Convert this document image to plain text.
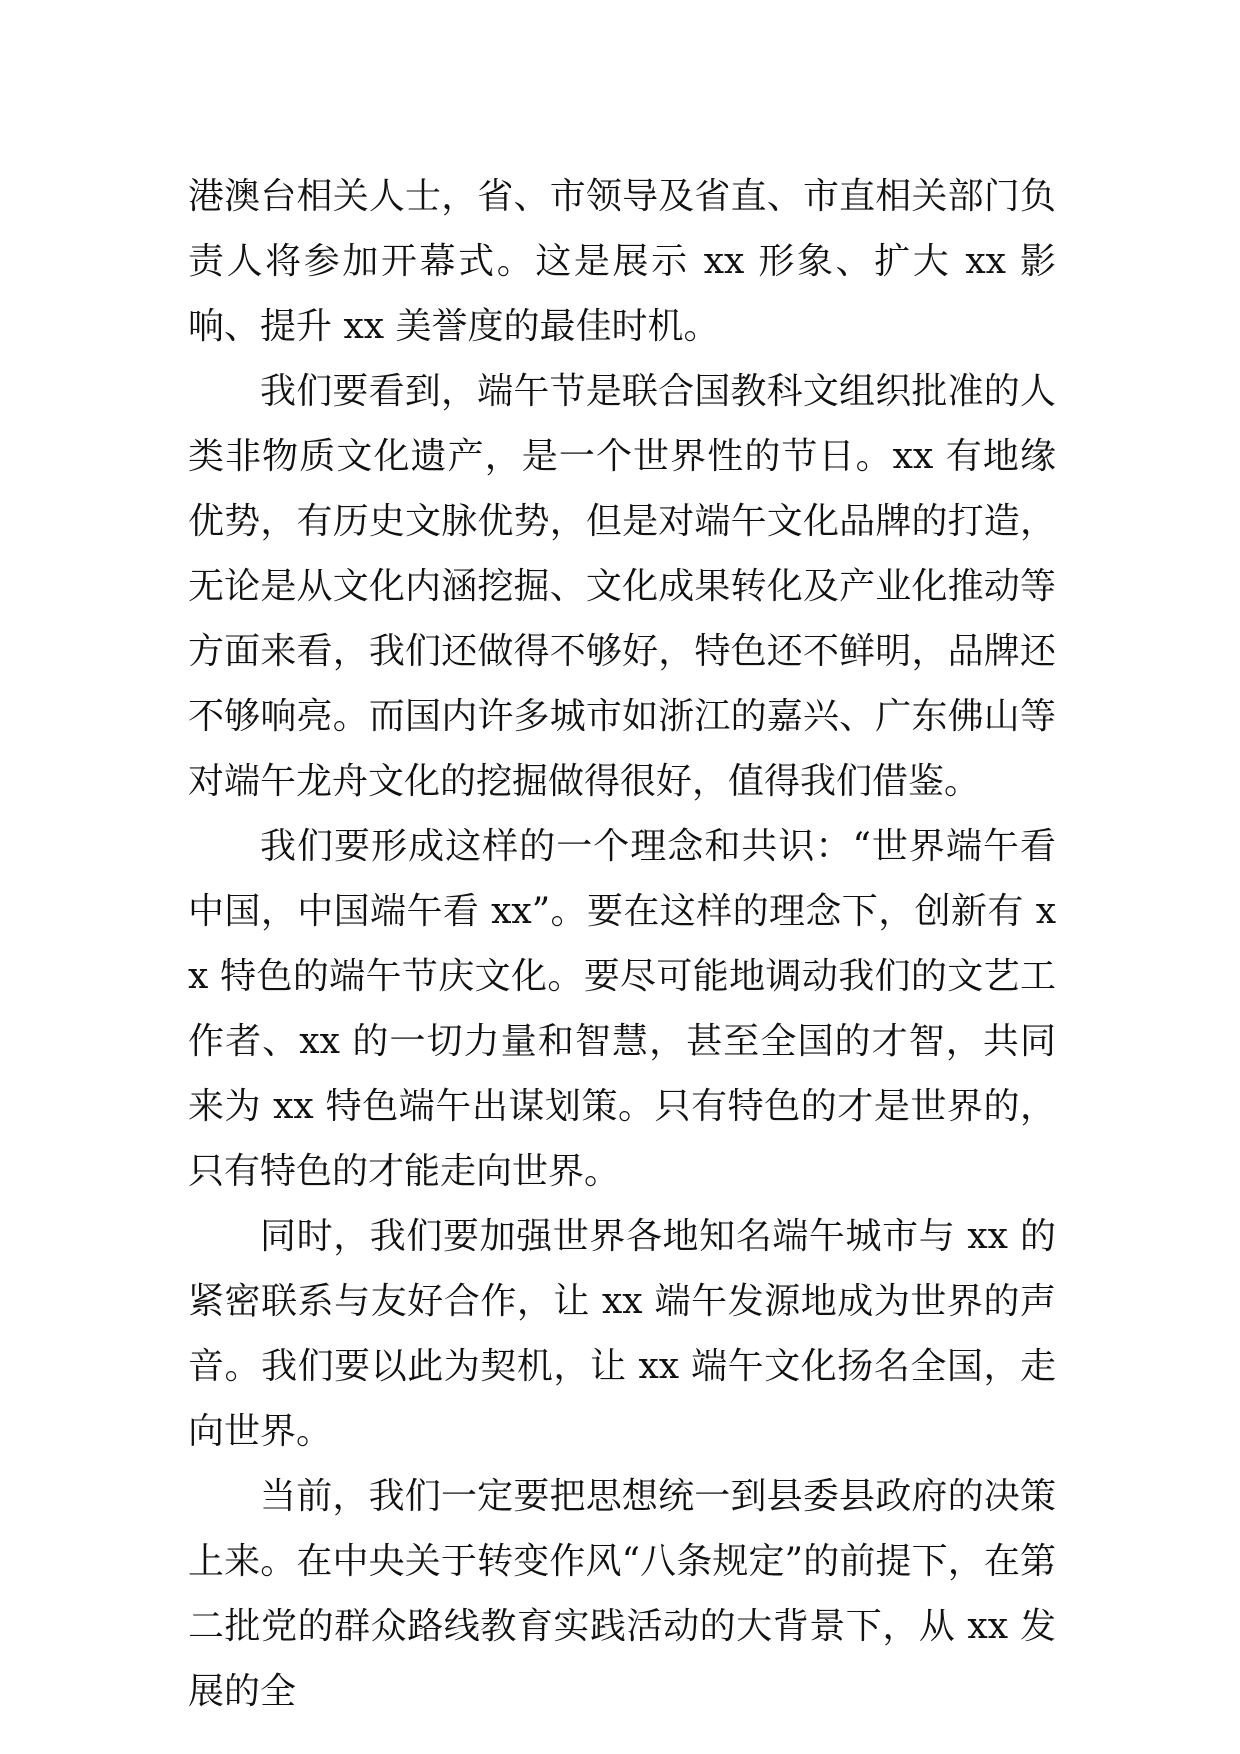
港澳台相关人士，省、市领导及省直、市直相关部门负责人将参加开幕式。这是展示 xx 形象、扩大 xx 影响、提升 xx 美誉度的最佳时机。

我们要看到，端午节是联合国教科文组织批准的人类非物质文化遗产，是一个世界性的节日。xx 有地缘优势，有历史文脉优势，但是对端午文化品牌的打造，无论是从文化内涵挖掘、文化成果转化及产业化推动等方面来看，我们还做得不够好，特色还不鲜明，品牌还不够响亮。而国内许多城市如浙江的嘉兴、广东佛山等对端午龙舟文化的挖掘做得很好，值得我们借鉴。

我们要形成这样的一个理念和共识：“世界端午看中国，中国端午看 xx”。要在这样的理念下，创新有 xx 特色的端午节庆文化。要尽可能地调动我们的文艺工作者、xx 的一切力量和智慧，甚至全国的才智，共同来为 xx 特色端午出谋划策。只有特色的才是世界的，只有特色的才能走向世界。

同时，我们要加强世界各地知名端午城市与 xx 的紧密联系与友好合作，让 xx 端午发源地成为世界的声音。我们要以此为契机，让 xx 端午文化扬名全国，走向世界。

当前，我们一定要把思想统一到县委县政府的决策上来。在中央关于转变作风“八条规定”的前提下，在第二批党的群众路线教育实践活动的大背景下，从 xx 发展的全
